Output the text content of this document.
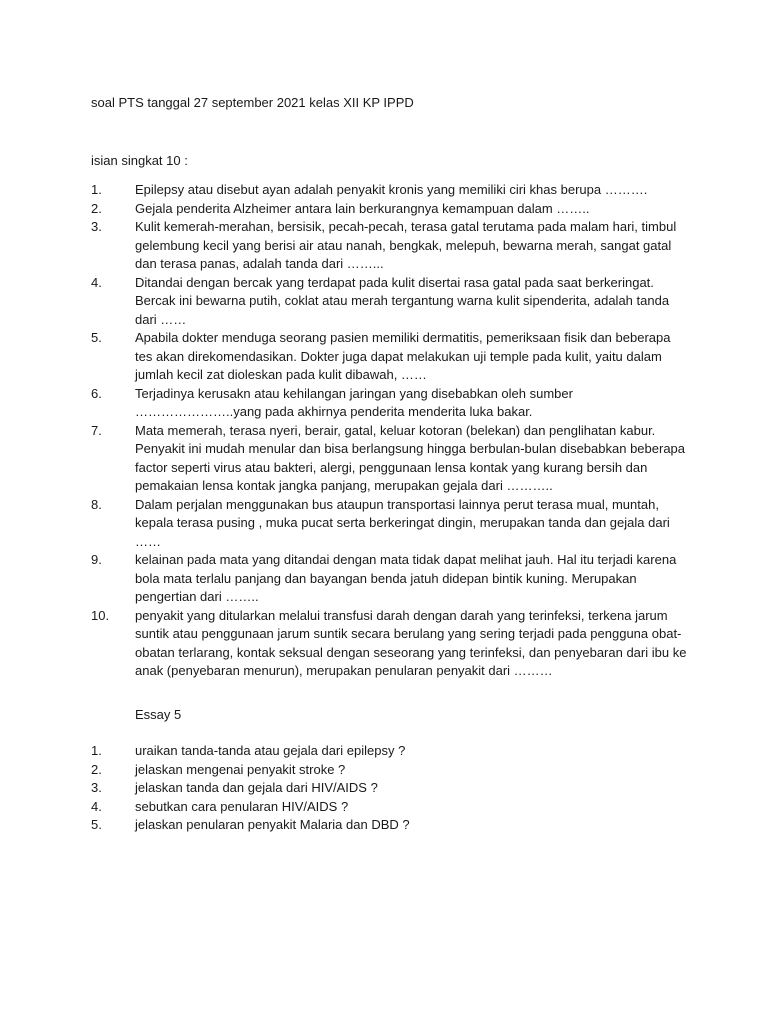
soal PTS tanggal 27 september 2021 kelas XII KP IPPD

isian singkat 10 :

1.	Epilepsy atau disebut ayan adalah penyakit kronis yang memiliki ciri khas berupa ……….
2.	Gejala penderita Alzheimer antara lain berkurangnya kemampuan dalam ……..
3.	Kulit kemerah-merahan, bersisik, pecah-pecah, terasa gatal terutama pada malam hari, timbul gelembung kecil yang berisi air atau nanah, bengkak, melepuh, bewarna merah, sangat gatal dan terasa panas, adalah tanda dari ……...
4.	Ditandai dengan bercak yang terdapat pada kulit disertai rasa gatal pada saat berkeringat. Bercak ini bewarna putih, coklat atau merah tergantung warna kulit sipenderita, adalah tanda dari ……
5.	Apabila dokter menduga seorang pasien memiliki dermatitis, pemeriksaan fisik dan beberapa tes akan direkomendasikan. Dokter juga dapat melakukan uji temple pada kulit, yaitu dalam jumlah kecil zat dioleskan pada kulit dibawah, ……
6.	Terjadinya kerusakn atau kehilangan jaringan yang disebabkan oleh sumber …………………..yang pada akhirnya penderita menderita luka bakar.
7.	Mata memerah, terasa nyeri, berair, gatal, keluar kotoran (belekan) dan penglihatan kabur. Penyakit ini mudah menular dan bisa berlangsung hingga berbulan-bulan disebabkan beberapa factor seperti virus atau bakteri, alergi, penggunaan lensa kontak yang kurang bersih dan pemakaian lensa kontak jangka panjang, merupakan gejala dari ………..
8.	Dalam perjalan menggunakan bus ataupun transportasi lainnya perut terasa mual, muntah, kepala terasa pusing , muka pucat serta berkeringat dingin, merupakan tanda dan gejala dari ……
9.	kelainan pada mata yang ditandai dengan mata tidak dapat melihat jauh. Hal itu terjadi karena bola mata terlalu panjang dan bayangan benda jatuh didepan bintik kuning. Merupakan pengertian dari ……..
10.	penyakit yang ditularkan melalui transfusi darah dengan darah yang terinfeksi, terkena jarum suntik atau penggunaan jarum suntik secara berulang yang sering terjadi pada pengguna obat-obatan terlarang, kontak seksual dengan seseorang yang terinfeksi, dan penyebaran dari ibu ke anak (penyebaran menurun), merupakan penularan penyakit dari ………

Essay 5

1.	uraikan tanda-tanda atau gejala dari epilepsy ?
2.	jelaskan mengenai penyakit stroke ?
3.	jelaskan tanda dan gejala dari HIV/AIDS ?
4.	sebutkan cara penularan HIV/AIDS ?
5.	jelaskan penularan penyakit Malaria dan DBD ?
